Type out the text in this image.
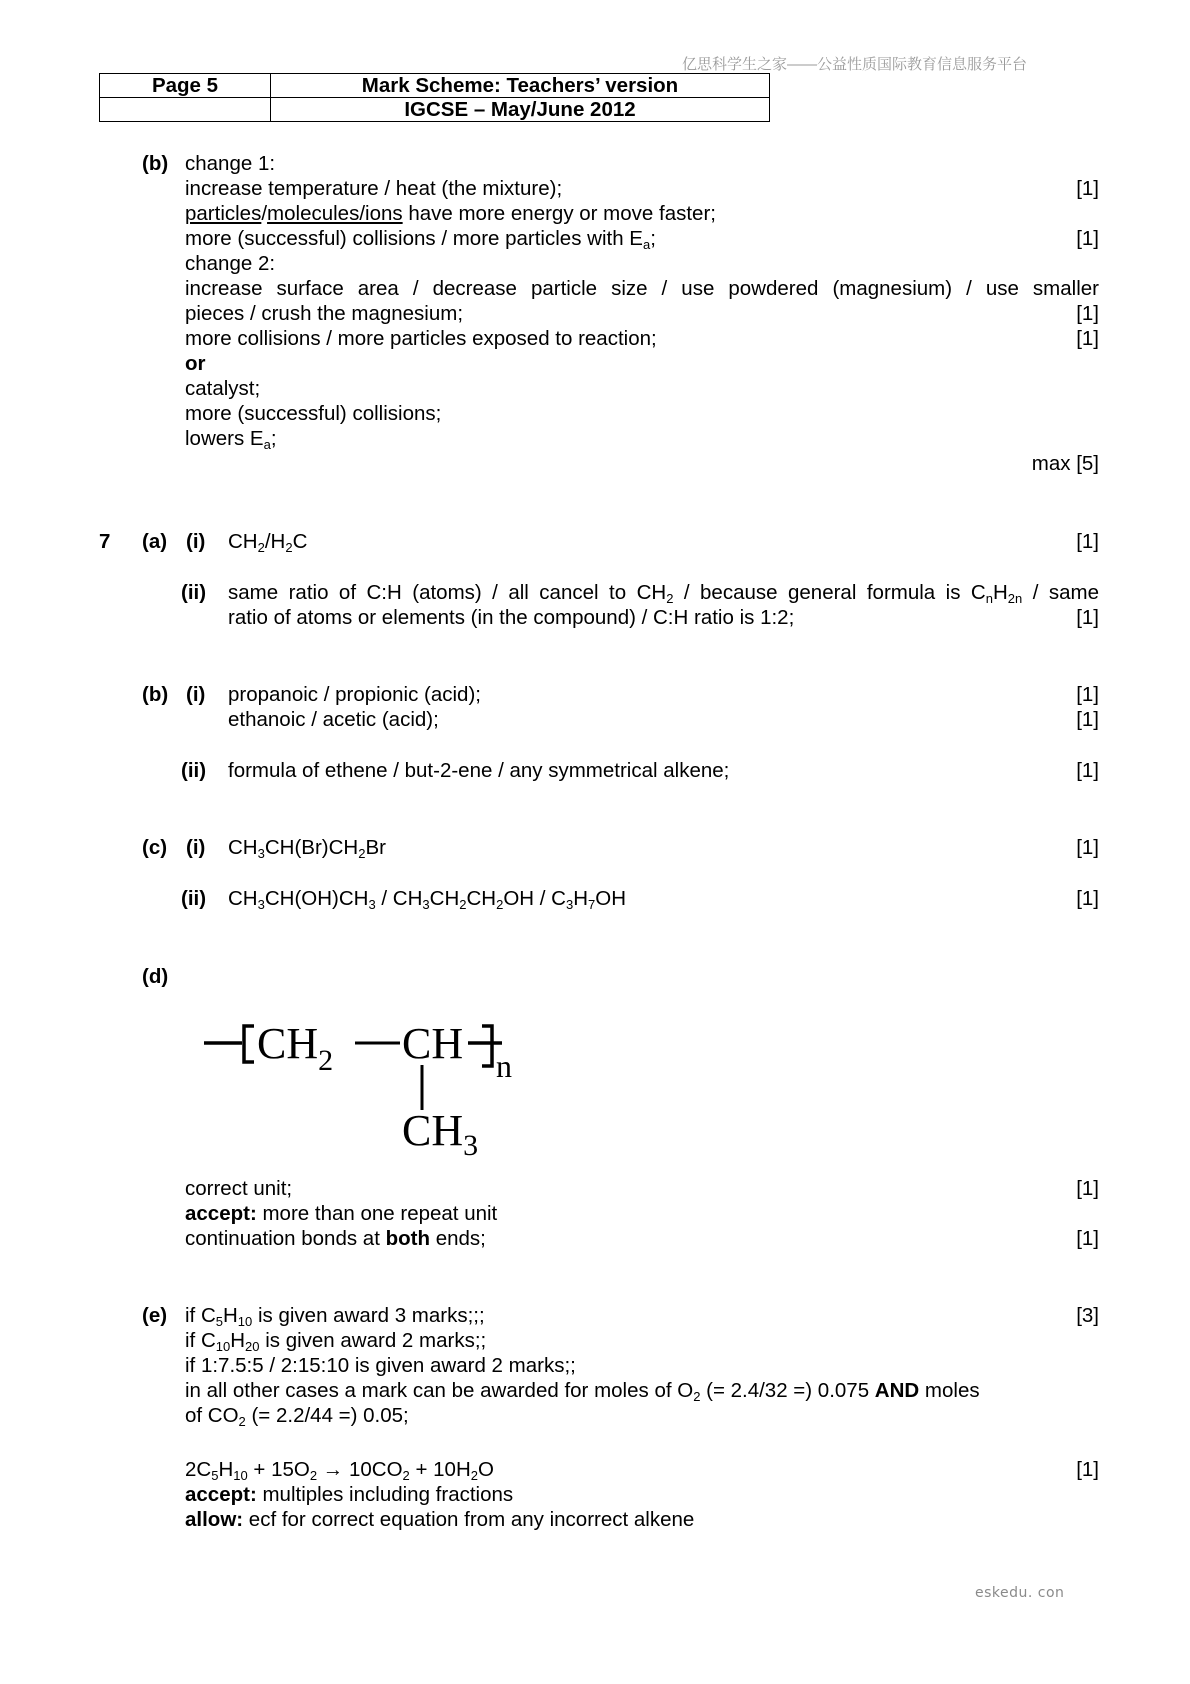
亿思科学生之家——公益性质国际教育信息服务平台
Page 5	Mark Scheme: Teachers’ version
	IGCSE – May/June 2012
(b) change 1:
increase temperature / heat (the mixture);	[1]
particles/molecules/ions have more energy or move faster;
more (successful) collisions / more particles with $E_a$;	[1]
change 2:
increase surface area / decrease particle size / use powdered (magnesium) / use smaller
pieces / crush the magnesium;	[1]
more collisions / more particles exposed to reaction;	[1]
or
catalyst;
more (successful) collisions;
lowers $E_a$;
max [5]
7 (a) (i) $CH_2/H_2C$	[1]
(ii) same ratio of C:H (atoms) / all cancel to $CH_2$ / because general formula is $C_nH_{2n}$ / same
ratio of atoms or elements (in the compound) / C:H ratio is 1:2;	[1]
(b) (i) propanoic / propionic (acid);	[1]
ethanoic / acetic (acid);	[1]
(ii) formula of ethene / but-2-ene / any symmetrical alkene;	[1]
(c) (i) $CH_3CH(Br)CH_2Br$	[1]
(ii) $CH_3CH(OH)CH_3 / CH_3CH_2CH_2OH / C_3H_7OH$	[1]
(d)
$CH_2$ CH n
$CH_3$
correct unit;	[1]
accept: more than one repeat unit
continuation bonds at both ends;	[1]
(e) if $C_5H_{10}$ is given award 3 marks;;;	[3]
if $C_{10}H_{20}$ is given award 2 marks;;
if 1:7.5:5 / 2:15:10 is given award 2 marks;;
in all other cases a mark can be awarded for moles of $O_2$ (= 2.4/32 =) 0.075 AND moles
of $CO_2$ (= 2.2/44 =) 0.05;
$2C_5H_{10} + 15O_2 \to 10CO_2 + 10H_2O$	[1]
accept: multiples including fractions
allow: ecf for correct equation from any incorrect alkene
eskedu. con
